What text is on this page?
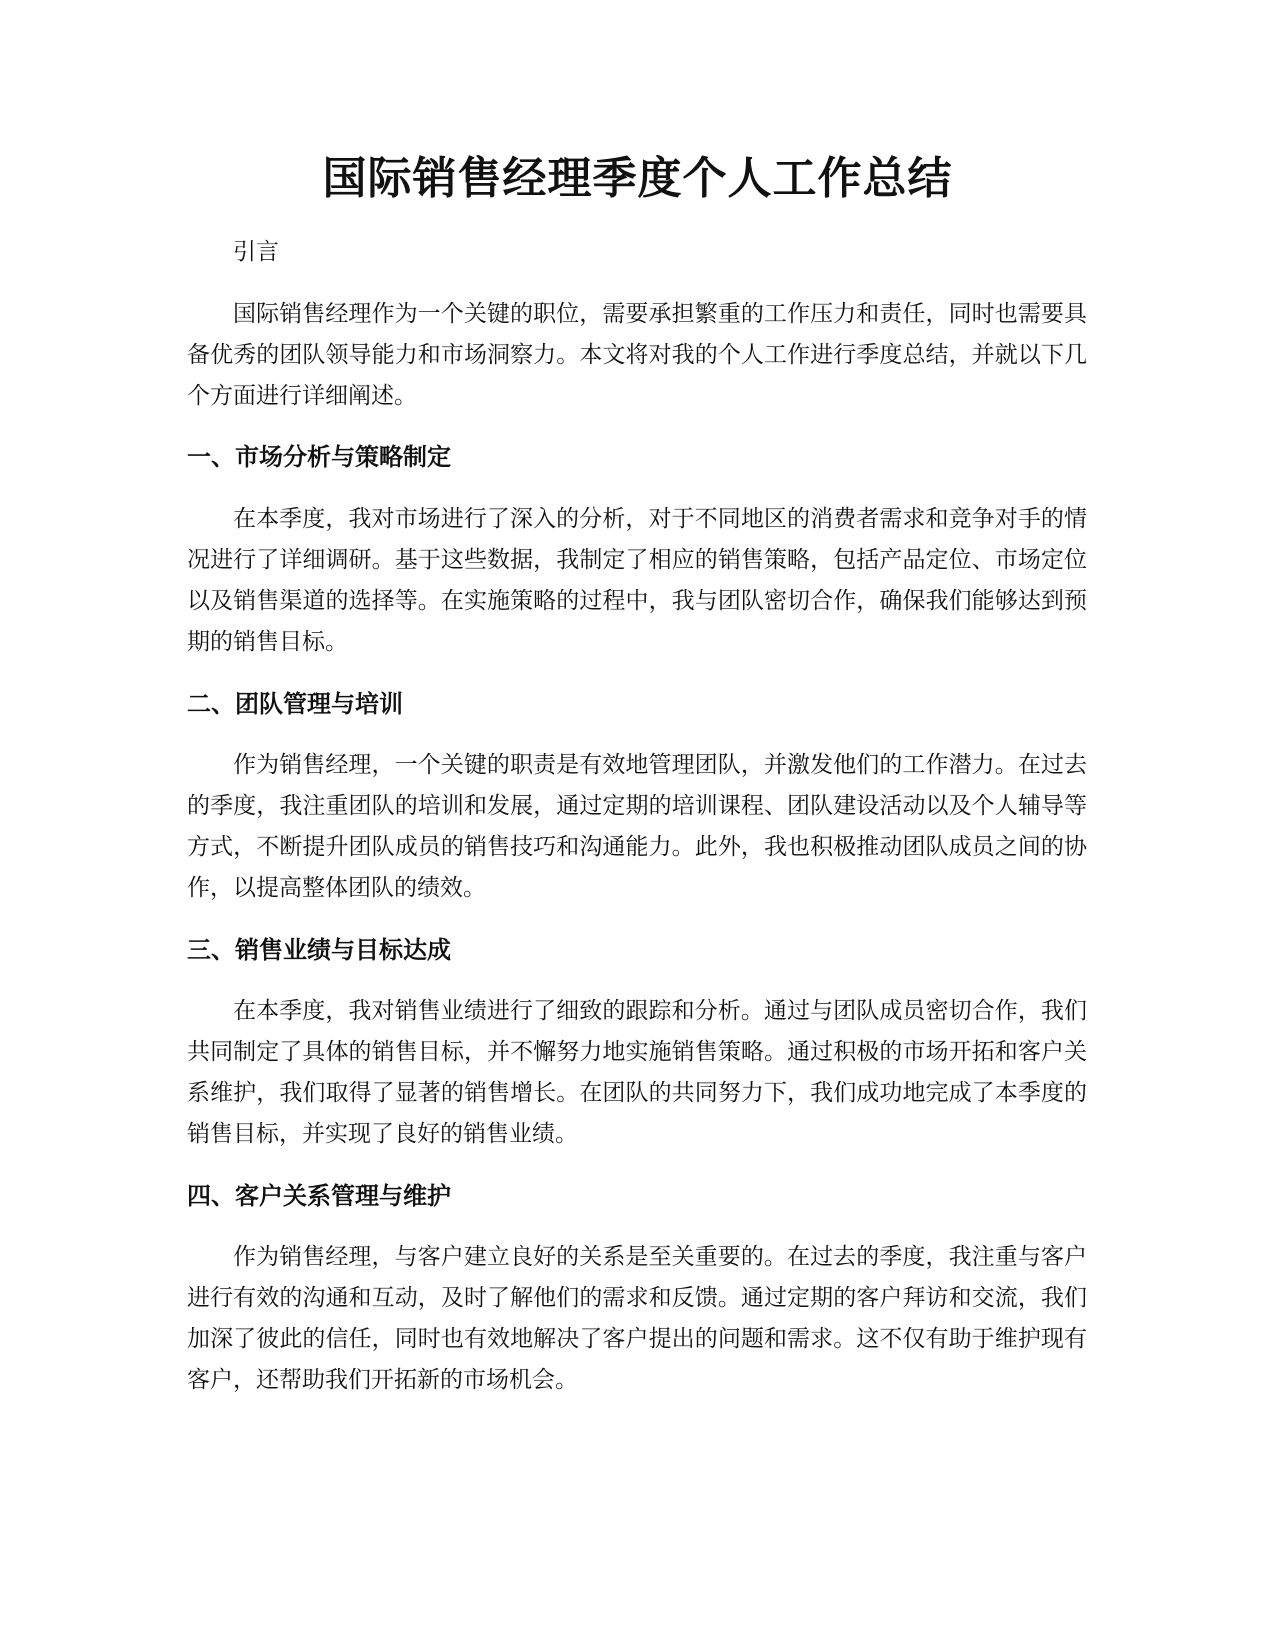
国际销售经理季度个人工作总结

引言

国际销售经理作为一个关键的职位，需要承担繁重的工作压力和责任，同时也需要具备优秀的团队领导能力和市场洞察力。本文将对我的个人工作进行季度总结，并就以下几个方面进行详细阐述。

一、市场分析与策略制定

在本季度，我对市场进行了深入的分析，对于不同地区的消费者需求和竞争对手的情况进行了详细调研。基于这些数据，我制定了相应的销售策略，包括产品定位、市场定位以及销售渠道的选择等。在实施策略的过程中，我与团队密切合作，确保我们能够达到预期的销售目标。

二、团队管理与培训

作为销售经理，一个关键的职责是有效地管理团队，并激发他们的工作潜力。在过去的季度，我注重团队的培训和发展，通过定期的培训课程、团队建设活动以及个人辅导等方式，不断提升团队成员的销售技巧和沟通能力。此外，我也积极推动团队成员之间的协作，以提高整体团队的绩效。

三、销售业绩与目标达成

在本季度，我对销售业绩进行了细致的跟踪和分析。通过与团队成员密切合作，我们共同制定了具体的销售目标，并不懈努力地实施销售策略。通过积极的市场开拓和客户关系维护，我们取得了显著的销售增长。在团队的共同努力下，我们成功地完成了本季度的销售目标，并实现了良好的销售业绩。

四、客户关系管理与维护

作为销售经理，与客户建立良好的关系是至关重要的。在过去的季度，我注重与客户进行有效的沟通和互动，及时了解他们的需求和反馈。通过定期的客户拜访和交流，我们加深了彼此的信任，同时也有效地解决了客户提出的问题和需求。这不仅有助于维护现有客户，还帮助我们开拓新的市场机会。
